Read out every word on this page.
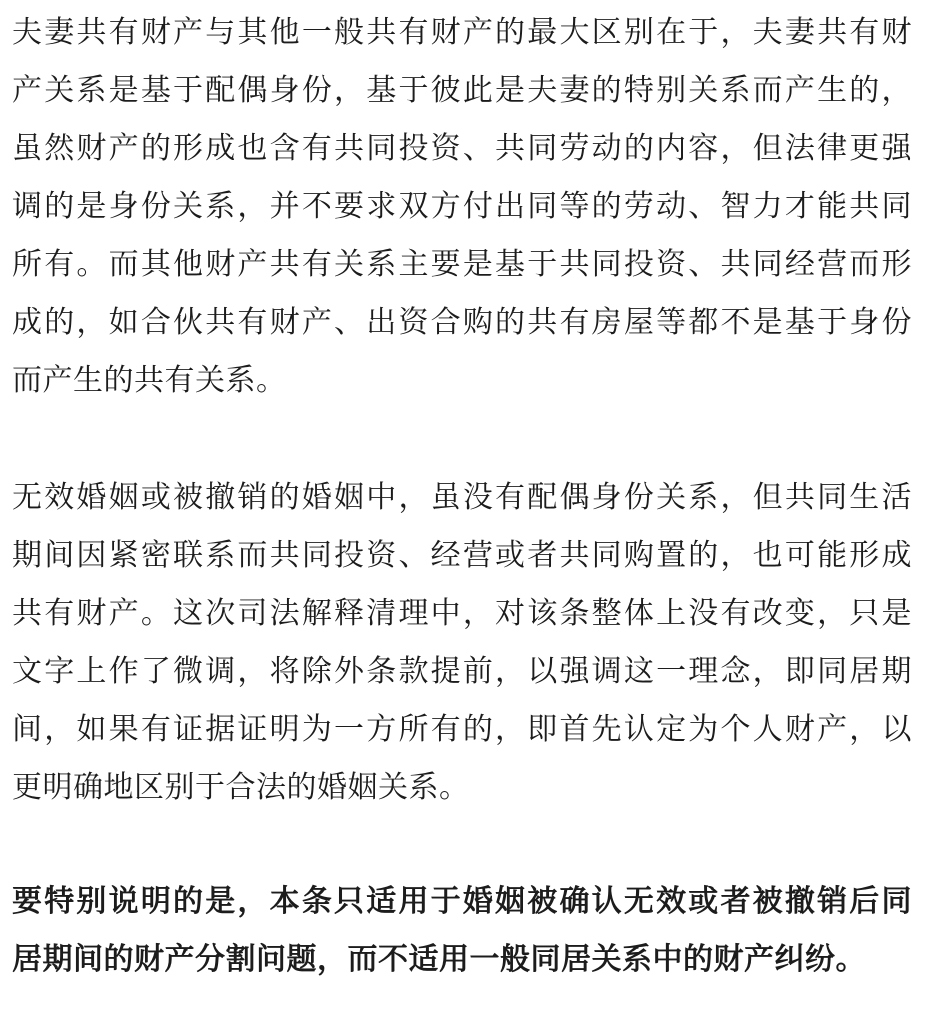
夫妻共有财产与其他一般共有财产的最大区别在于，夫妻共有财
产关系是基于配偶身份，基于彼此是夫妻的特别关系而产生的，
虽然财产的形成也含有共同投资、共同劳动的内容，但法律更强
调的是身份关系，并不要求双方付出同等的劳动、智力才能共同
所有。而其他财产共有关系主要是基于共同投资、共同经营而形
成的，如合伙共有财产、出资合购的共有房屋等都不是基于身份
而产生的共有关系。
无效婚姻或被撤销的婚姻中，虽没有配偶身份关系，但共同生活
期间因紧密联系而共同投资、经营或者共同购置的，也可能形成
共有财产。这次司法解释清理中，对该条整体上没有改变，只是
文字上作了微调，将除外条款提前，以强调这一理念，即同居期
间，如果有证据证明为一方所有的，即首先认定为个人财产，以
更明确地区别于合法的婚姻关系。
要特别说明的是，本条只适用于婚姻被确认无效或者被撤销后同
居期间的财产分割问题，而不适用一般同居关系中的财产纠纷。
